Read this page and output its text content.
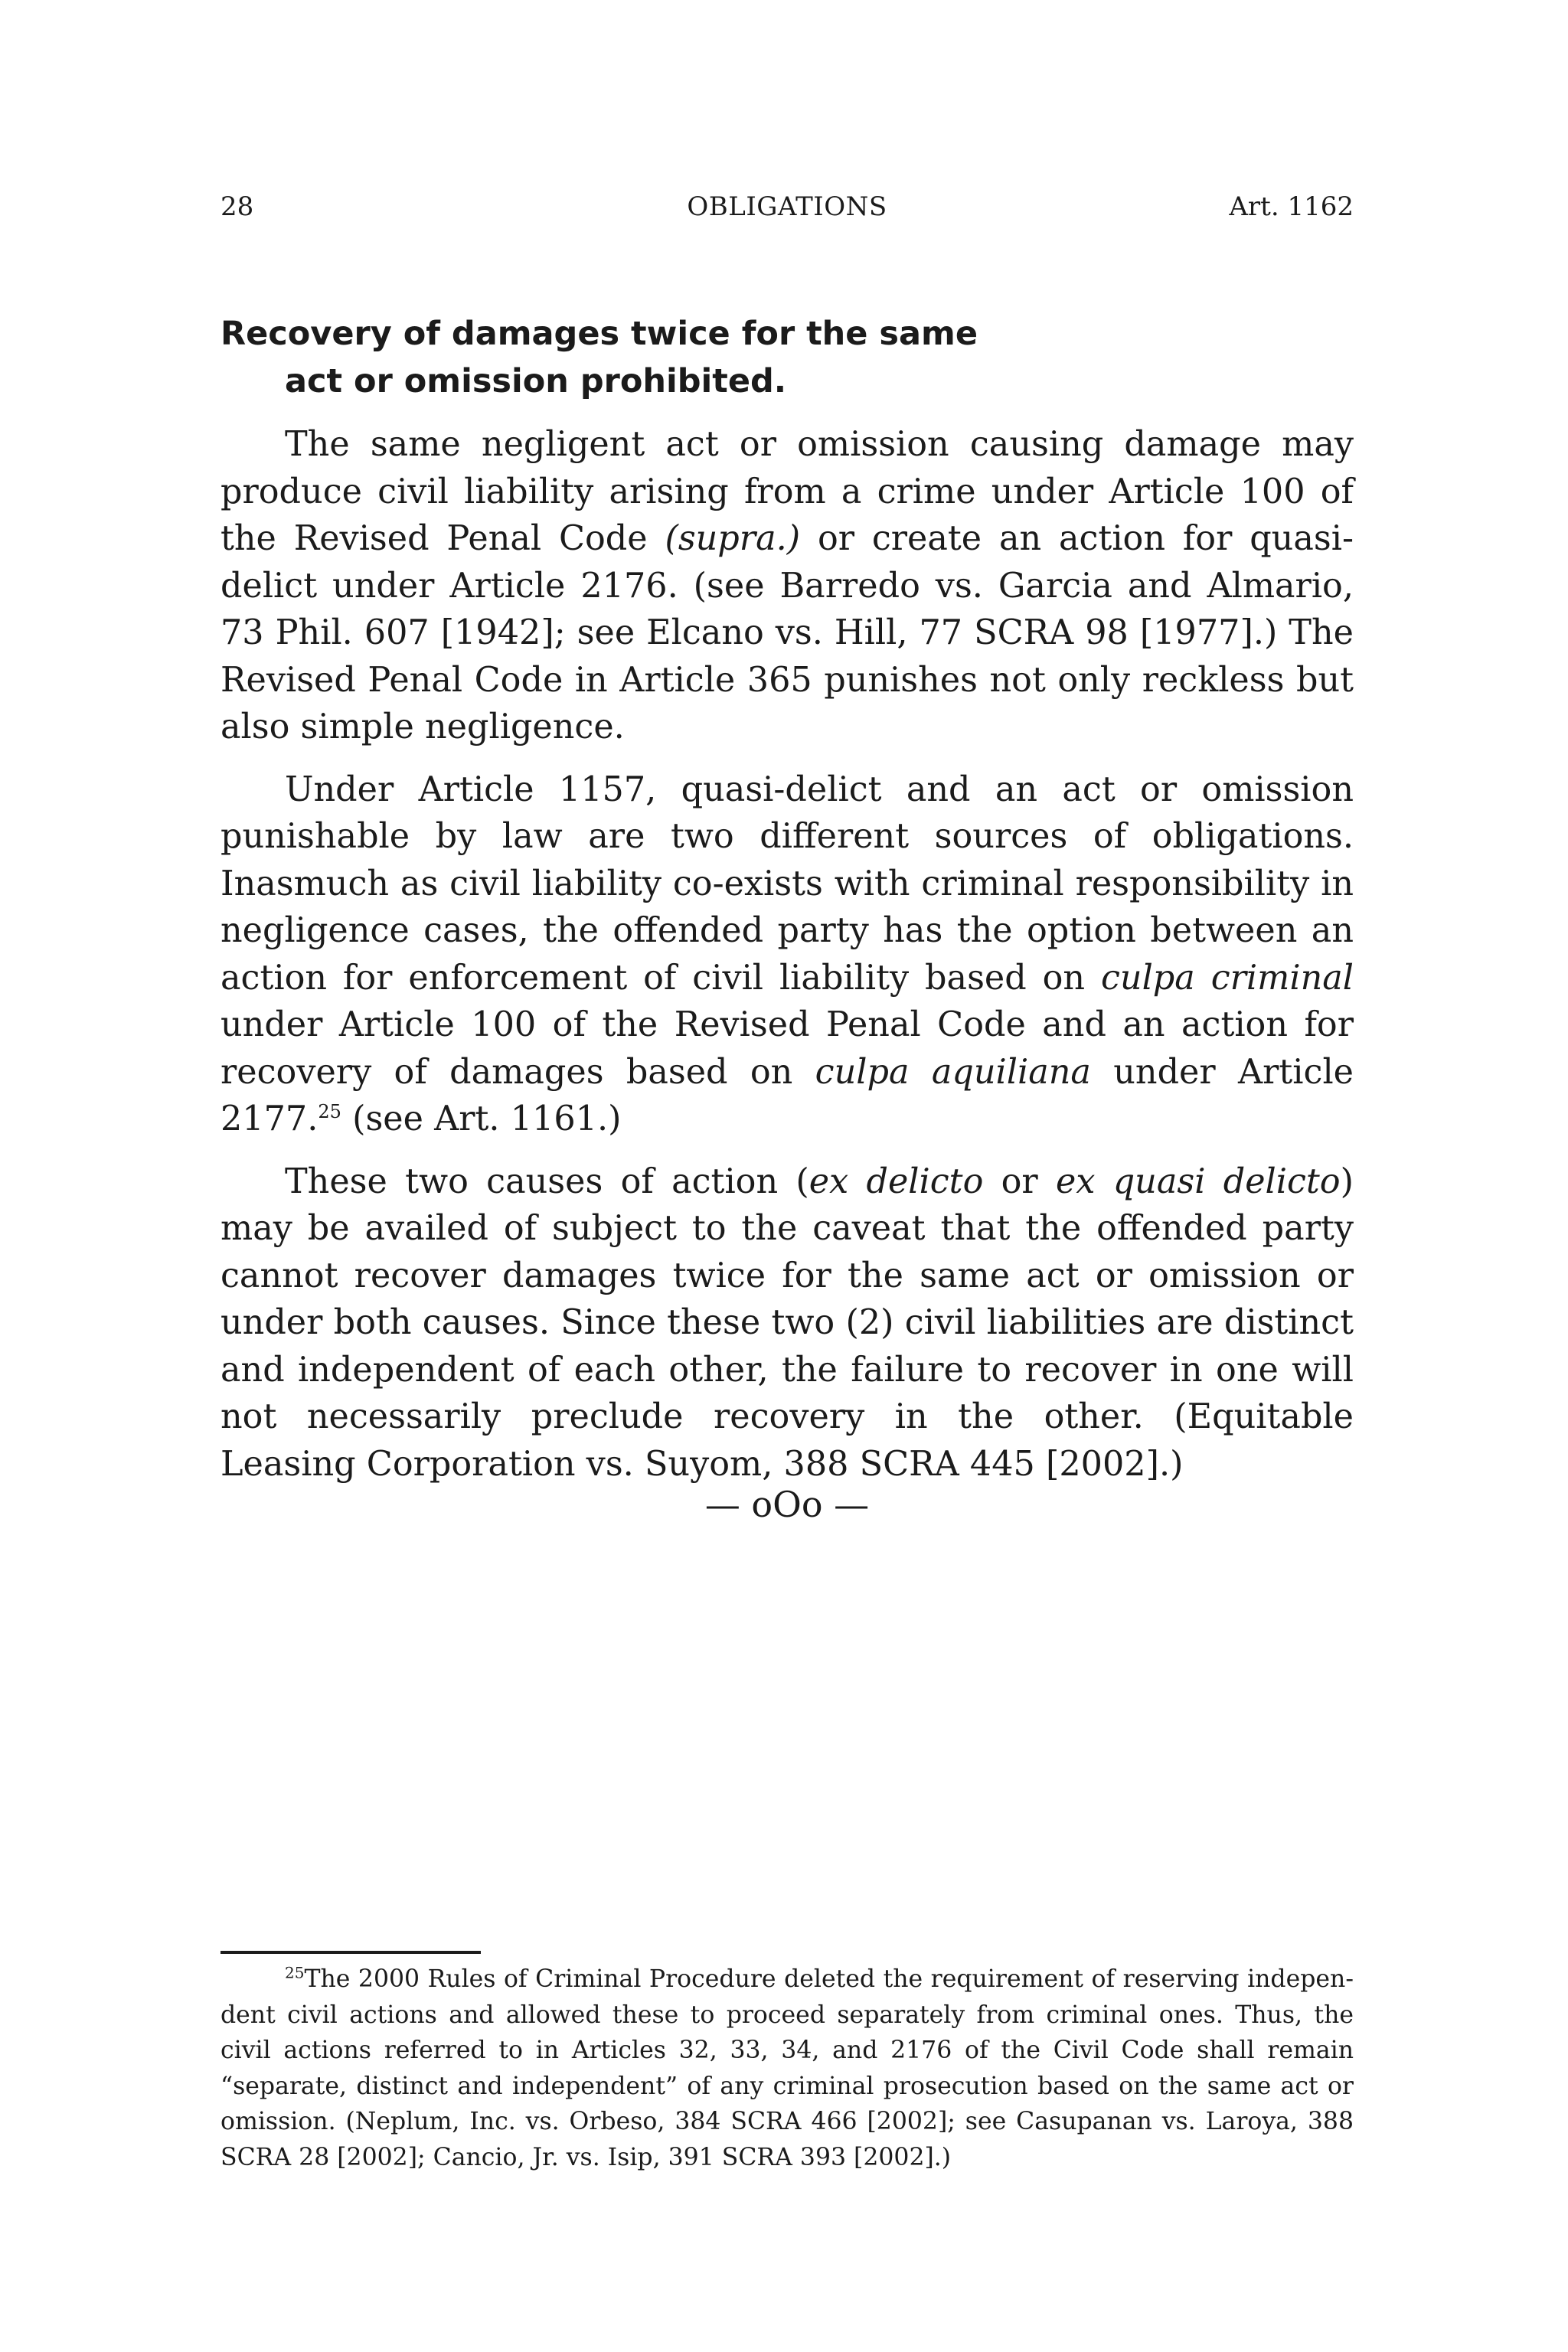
28	OBLIGATIONS	Art. 1162
Recovery of damages twice for the same
act or omission prohibited.

The same negligent act or omission causing damage may produce civil liability arising from a crime under Article 100 of the Revised Penal Code (supra.) or create an action for quasi-delict under Article 2176. (see Barredo vs. Garcia and Almario, 73 Phil. 607 [1942]; see Elcano vs. Hill, 77 SCRA 98 [1977].) The Revised Penal Code in Article 365 punishes not only reckless but also simple negligence.

Under Article 1157, quasi-delict and an act or omission punishable by law are two different sources of obligations. Inasmuch as civil liability co-exists with criminal responsibility in negligence cases, the offended party has the option between an action for enforcement of civil liability based on culpa criminal under Article 100 of the Revised Penal Code and an action for recovery of damages based on culpa aquiliana under Article 2177.25 (see Art. 1161.)

These two causes of action (ex delicto or ex quasi delicto) may be availed of subject to the caveat that the offended party cannot recover damages twice for the same act or omission or under both causes. Since these two (2) civil liabilities are distinct and independent of each other, the failure to recover in one will not necessarily preclude recovery in the other. (Equitable Leasing Corporation vs. Suyom, 388 SCRA 445 [2002].)

— oOo —

$^{25}$The 2000 Rules of Criminal Procedure deleted the requirement of reserving independent civil actions and allowed these to proceed separately from criminal ones. Thus, the civil actions referred to in Articles 32, 33, 34, and 2176 of the Civil Code shall remain “separate, distinct and independent” of any criminal prosecution based on the same act or omission. (Neplum, Inc. vs. Orbeso, 384 SCRA 466 [2002]; see Casupanan vs. Laroya, 388 SCRA 28 [2002]; Cancio, Jr. vs. Isip, 391 SCRA 393 [2002].)
